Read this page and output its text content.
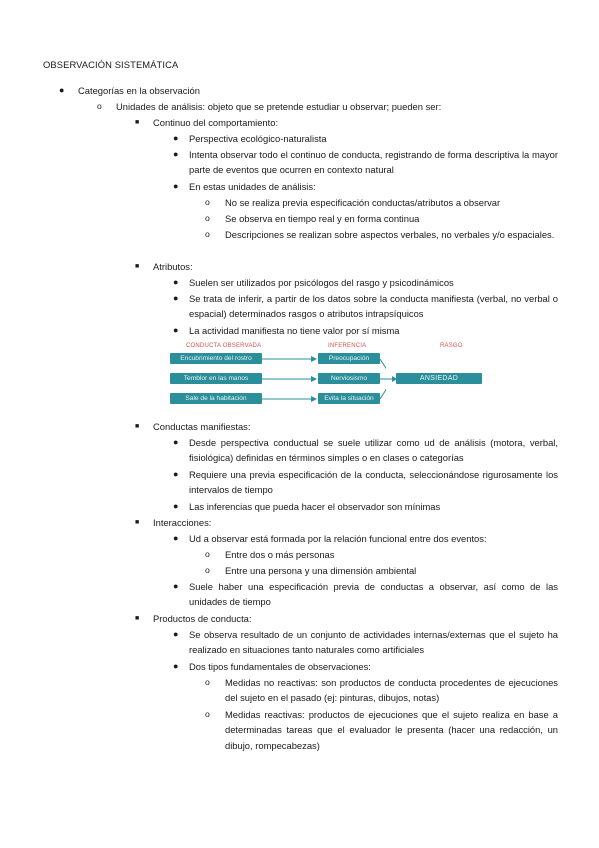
OBSERVACIÓN SISTEMÁTICA
● Categorías en la observación
o Unidades de análisis: objeto que se pretende estudiar u observar; pueden ser:
■ Continuo del comportamiento:
● Perspectiva ecológico-naturalista
● Intenta observar todo el continuo de conducta, registrando de forma descriptiva la mayor parte de eventos que ocurren en contexto natural
● En estas unidades de análisis:
o No se realiza previa especificación conductas/atributos a observar
o Se observa en tiempo real y en forma continua
o Descripciones se realizan sobre aspectos verbales, no verbales y/o espaciales.
■ Atributos:
● Suelen ser utilizados por psicólogos del rasgo y psicodinámicos
● Se trata de inferir, a partir de los datos sobre la conducta manifiesta (verbal, no verbal o espacial) determinados rasgos o atributos intrapsíquicos
● La actividad manifiesta no tiene valor por sí misma
CONDUCTA OBSERVADA	INFERENCIA
Encubrimiento del rostro
Temblor en las manos
Sale de la habitación
Preocupación
Nerviosismo
Evita la situación
RASGO
ANSIEDAD
■ Conductas manifiestas:
● Desde perspectiva conductual se suele utilizar como ud de análisis (motora, verbal, fisiológica) definidas en términos simples o en clases o categorías
● Requiere una previa especificación de la conducta, seleccionándose rigurosamente los intervalos de tiempo
● Las inferencias que pueda hacer el observador son mínimas
■ Interacciones:
● Ud a observar está formada por la relación funcional entre dos eventos:
o Entre dos o más personas
o Entre una persona y una dimensión ambiental
● Suele haber una especificación previa de conductas a observar, así como de las unidades de tiempo
■ Productos de conducta:
● Se observa resultado de un conjunto de actividades internas/externas que el sujeto ha realizado en situaciones tanto naturales como artificiales
● Dos tipos fundamentales de observaciones:
o Medidas no reactivas: son productos de conducta procedentes de ejecuciones del sujeto en el pasado (ej: pinturas, dibujos, notas)
o Medidas reactivas: productos de ejecuciones que el sujeto realiza en base a determinadas tareas que el evaluador le presenta (hacer una redacción, un dibujo, rompecabezas)
